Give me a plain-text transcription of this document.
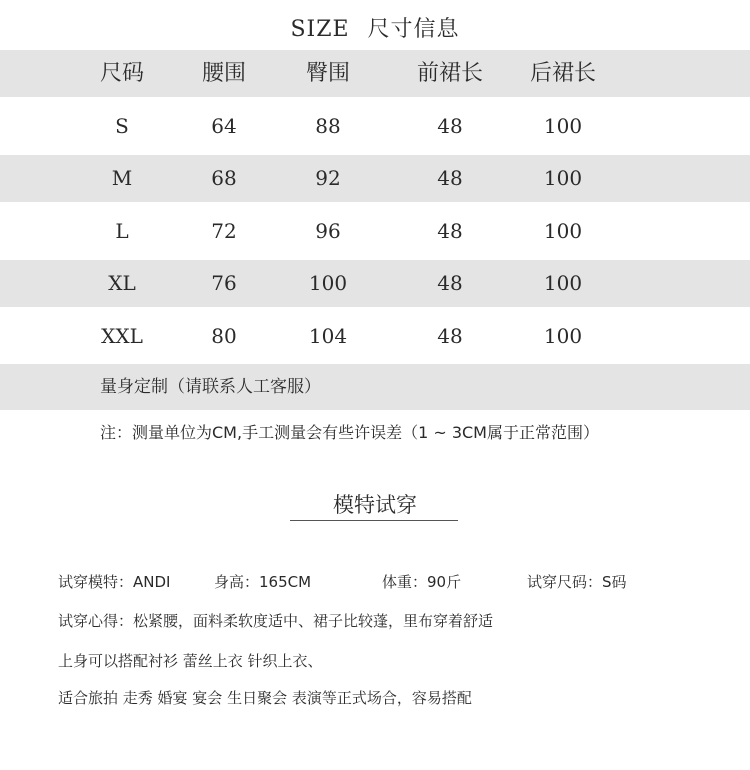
SIZE 尺寸信息
尺码	腰围	臀围	前裙长	后裙长
S	64	88	48	100
M	68	92	48	100
L	72	96	48	100
XL	76	100	48	100
XXL	80	104	48	100
量身定制（请联系人工客服）
注：测量单位为CM,手工测量会有些许误差（1 ~ 3CM属于正常范围）
模特试穿
试穿模特：ANDI	身高：165CM	体重：90斤	试穿尺码：S码
试穿心得：松紧腰，面料柔软度适中、裙子比较蓬，里布穿着舒适
上身可以搭配衬衫 蕾丝上衣 针织上衣、
适合旅拍 走秀 婚宴 宴会 生日聚会 表演等正式场合，容易搭配
